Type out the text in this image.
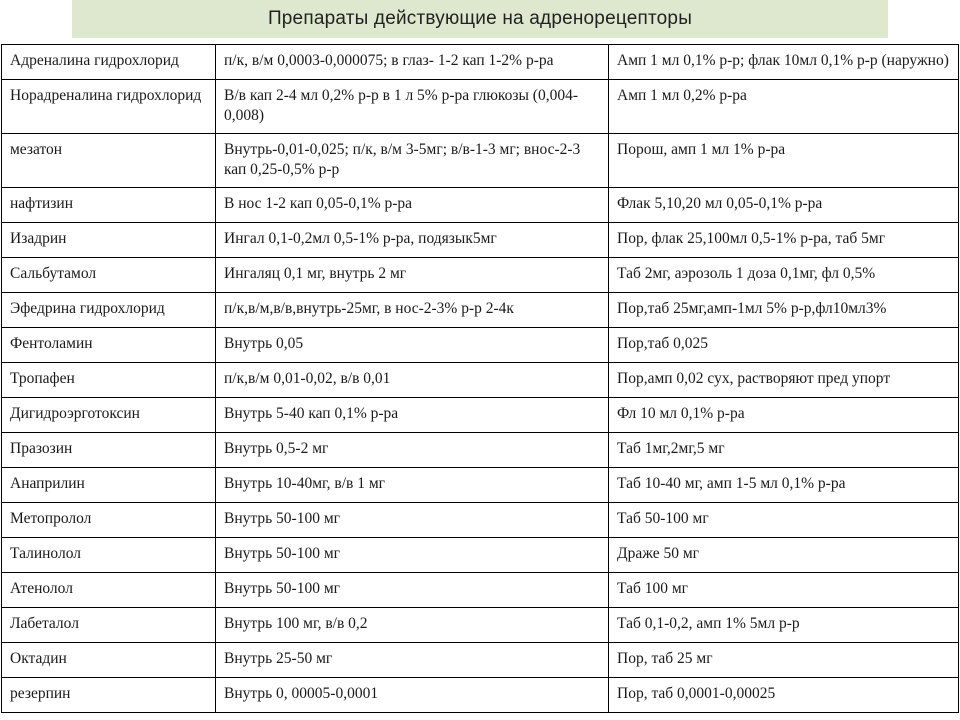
Препараты действующие на адренорецепторы
Адреналина гидрохлорид	п/к, в/м 0,0003-0,000075; в глаз- 1-2 кап 1-2% р-ра	Амп 1 мл 0,1% р-р; флак 10мл 0,1% р-р (наружно)
Норадреналина гидрохлорид	В/в кап 2-4 мл 0,2% р-р в 1 л 5% р-ра глюкозы (0,004-0,008)	Амп 1 мл 0,2% р-ра
мезатон	Внутрь-0,01-0,025; п/к, в/м 3-5мг; в/в-1-3 мг; внос-2-3 кап 0,25-0,5% р-р	Порош, амп 1 мл 1% р-ра
нафтизин	В нос 1-2 кап 0,05-0,1% р-ра	Флак 5,10,20 мл 0,05-0,1% р-ра
Изадрин	Ингал 0,1-0,2мл 0,5-1% р-ра, подязык5мг	Пор, флак 25,100мл 0,5-1% р-ра, таб 5мг
Сальбутамол	Ингаляц 0,1 мг, внутрь 2 мг	Таб 2мг, аэрозоль 1 доза 0,1мг, фл 0,5%
Эфедрина гидрохлорид	п/к,в/м,в/в,внутрь-25мг, в нос-2-3% р-р 2-4к	Пор,таб 25мг,амп-1мл 5% р-р,фл10мл3%
Фентоламин	Внутрь 0,05	Пор,таб 0,025
Тропафен	п/к,в/м 0,01-0,02, в/в 0,01	Пор,амп 0,02 сух, растворяют пред упорт
Дигидроэрготоксин	Внутрь 5-40 кап 0,1% р-ра	Фл 10 мл 0,1% р-ра
Празозин	Внутрь 0,5-2 мг	Таб 1мг,2мг,5 мг
Анаприлин	Внутрь 10-40мг, в/в 1 мг	Таб 10-40 мг, амп 1-5 мл 0,1% р-ра
Метопролол	Внутрь 50-100 мг	Таб 50-100 мг
Талинолол	Внутрь 50-100 мг	Драже 50 мг
Атенолол	Внутрь 50-100 мг	Таб 100 мг
Лабеталол	Внутрь 100 мг, в/в 0,2	Таб 0,1-0,2, амп 1% 5мл р-р
Октадин	Внутрь 25-50 мг	Пор, таб 25 мг
резерпин	Внутрь 0, 00005-0,0001	Пор, таб 0,0001-0,00025
